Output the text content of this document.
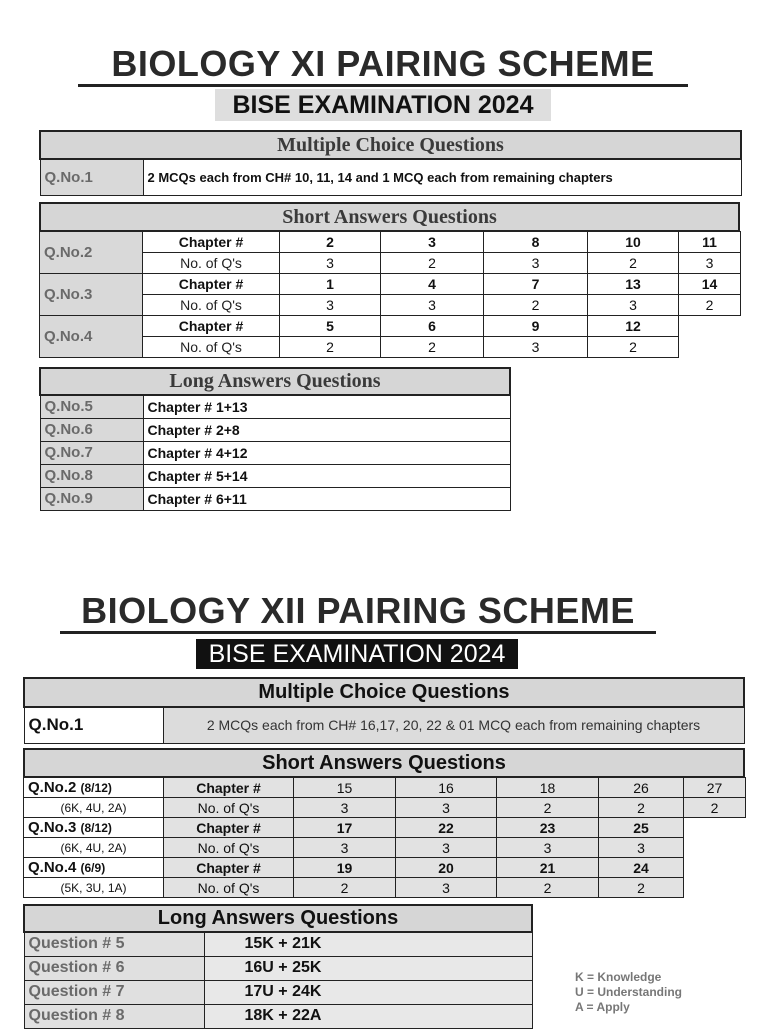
BIOLOGY XI PAIRING SCHEME
BISE EXAMINATION 2024
Multiple Choice Questions
Q.No.1	2 MCQs each from CH# 10, 11, 14 and 1 MCQ each from remaining chapters
Short Answers Questions
Q.No.2	Chapter #	2	3	8	10	11
	No. of Q's	3	2	3	2	3
Q.No.3	Chapter #	1	4	7	13	14
	No. of Q's	3	3	2	3	2
Q.No.4	Chapter #	5	6	9	12	
	No. of Q's	2	2	3	2	
Long Answers Questions	
Q.No.5	Chapter # 1+13
Q.No.6	Chapter # 2+8
Q.No.7	Chapter # 4+12
Q.No.8	Chapter # 5+14
Q.No.9	Chapter # 6+11
BIOLOGY XII PAIRING SCHEME
BISE EXAMINATION 2024
Multiple Choice Questions
Q.No.1	2 MCQs each from CH# 16,17, 20, 22 & 01 MCQ each from remaining chapters
Short Answers Questions
Q.No.2 (8/12)	Chapter #	15	16	18	26	27
(6K, 4U, 2A)	No. of Q's	3	3	2	2	2
Q.No.3 (8/12)	Chapter #	17	22	23	25	
(6K, 4U, 2A)	No. of Q's	3	3	3	3	
Q.No.4 (6/9)	Chapter #	19	20	21	24	
(5K, 3U, 1A)	No. of Q's	2	3	2	2	
Long Answers Questions	
Question # 5	15K + 21K
Question # 6	16U + 25K
Question # 7	17U + 24K
Question # 8	18K + 22A
K = Knowledge
U = Understanding
A = Apply
